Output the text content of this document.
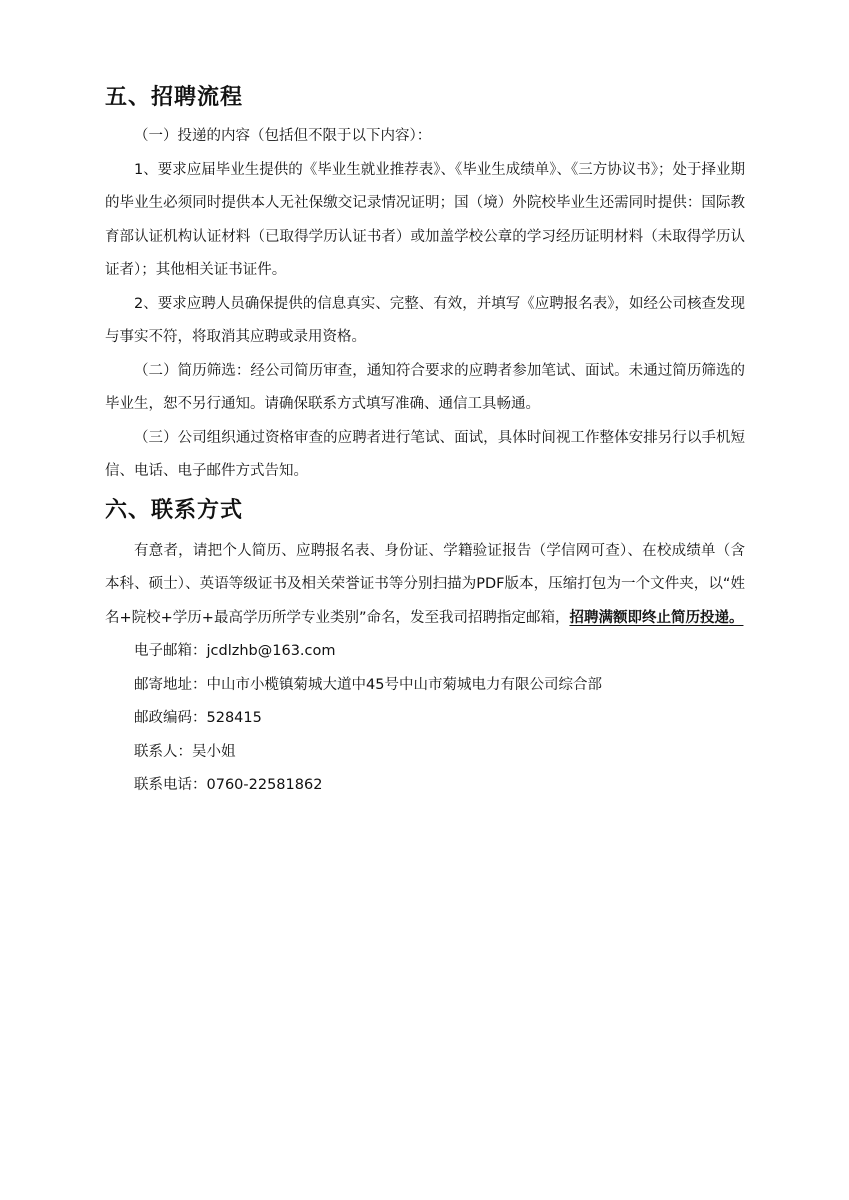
五、招聘流程

（一）投递的内容（包括但不限于以下内容）：

1、要求应届毕业生提供的《毕业生就业推荐表》、《毕业生成绩单》、《三方协议书》；处于择业期的毕业生必须同时提供本人无社保缴交记录情况证明；国（境）外院校毕业生还需同时提供：国际教育部认证机构认证材料（已取得学历认证书者）或加盖学校公章的学习经历证明材料（未取得学历认证者）；其他相关证书证件。

2、要求应聘人员确保提供的信息真实、完整、有效，并填写《应聘报名表》，如经公司核查发现与事实不符，将取消其应聘或录用资格。

（二）简历筛选：经公司简历审查，通知符合要求的应聘者参加笔试、面试。未通过简历筛选的毕业生，恕不另行通知。请确保联系方式填写准确、通信工具畅通。

（三）公司组织通过资格审查的应聘者进行笔试、面试，具体时间视工作整体安排另行以手机短信、电话、电子邮件方式告知。

六、联系方式

有意者，请把个人简历、应聘报名表、身份证、学籍验证报告（学信网可查）、在校成绩单（含本科、硕士）、英语等级证书及相关荣誉证书等分别扫描为PDF版本，压缩打包为一个文件夹，以“姓名+院校+学历+最高学历所学专业类别”命名，发至我司招聘指定邮箱，招聘满额即终止简历投递。

电子邮箱：jcdlzhb@163.com

邮寄地址：中山市小榄镇菊城大道中45号中山市菊城电力有限公司综合部

邮政编码：528415

联系人：吴小姐

联系电话：0760-22581862
